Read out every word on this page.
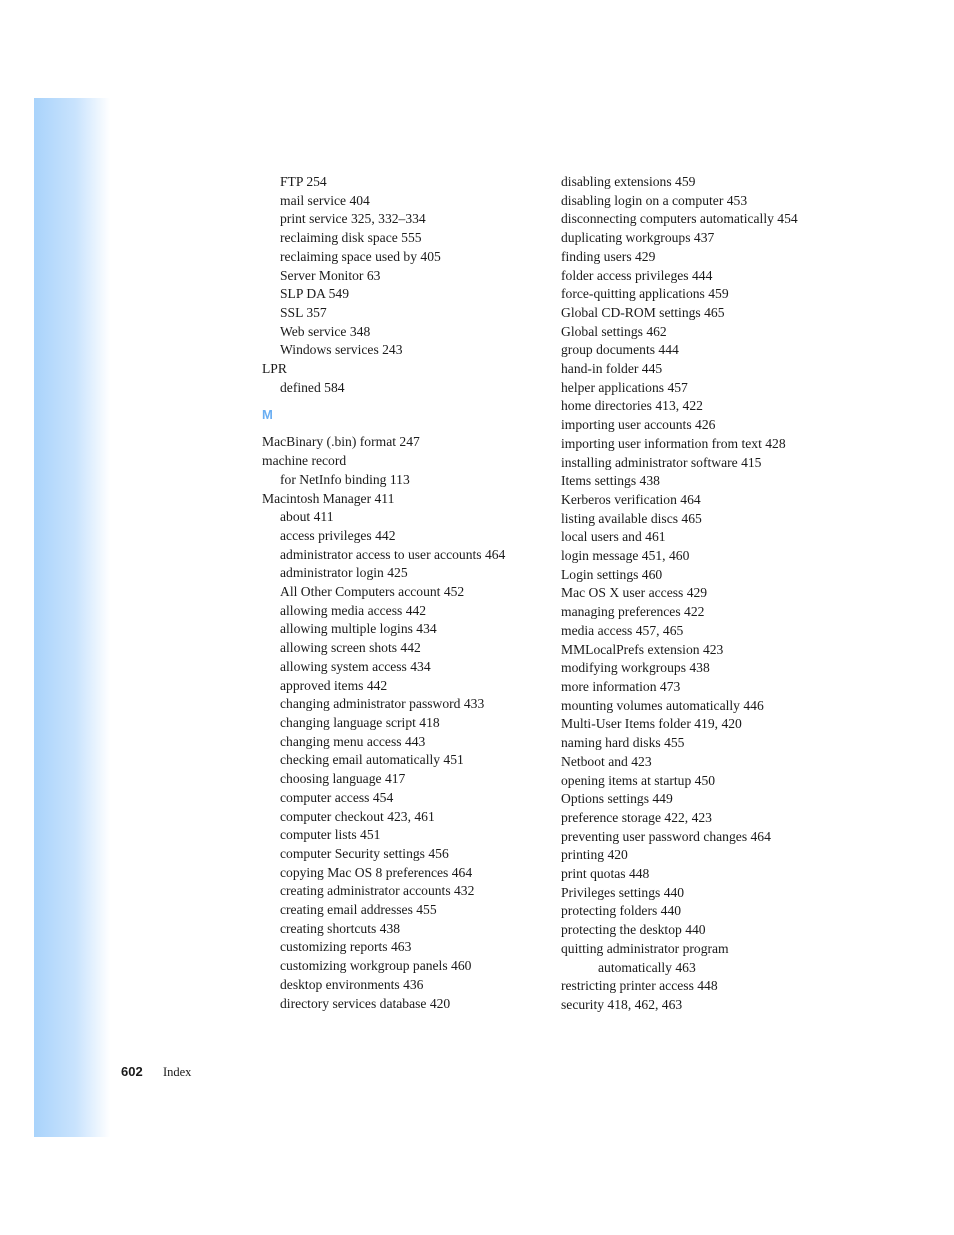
FTP 254
mail service 404
print service 325, 332–334
reclaiming disk space 555
reclaiming space used by 405
Server Monitor 63
SLP DA 549
SSL 357
Web service 348
Windows services 243
LPR
defined 584
M
MacBinary (.bin) format 247
machine record
for NetInfo binding 113
Macintosh Manager 411
about 411
access privileges 442
administrator access to user accounts 464
administrator login 425
All Other Computers account 452
allowing media access 442
allowing multiple logins 434
allowing screen shots 442
allowing system access 434
approved items 442
changing administrator password 433
changing language script 418
changing menu access 443
checking email automatically 451
choosing language 417
computer access 454
computer checkout 423, 461
computer lists 451
computer Security settings 456
copying Mac OS 8 preferences 464
creating administrator accounts 432
creating email addresses 455
creating shortcuts 438
customizing reports 463
customizing workgroup panels 460
desktop environments 436
directory services database 420
disabling extensions 459
disabling login on a computer 453
disconnecting computers automatically 454
duplicating workgroups 437
finding users 429
folder access privileges 444
force-quitting applications 459
Global CD-ROM settings 465
Global settings 462
group documents 444
hand-in folder 445
helper applications 457
home directories 413, 422
importing user accounts 426
importing user information from text 428
installing administrator software 415
Items settings 438
Kerberos verification 464
listing available discs 465
local users and 461
login message 451, 460
Login settings 460
Mac OS X user access 429
managing preferences 422
media access 457, 465
MMLocalPrefs extension 423
modifying workgroups 438
more information 473
mounting volumes automatically 446
Multi-User Items folder 419, 420
naming hard disks 455
Netboot and 423
opening items at startup 450
Options settings 449
preference storage 422, 423
preventing user password changes 464
printing 420
print quotas 448
Privileges settings 440
protecting folders 440
protecting the desktop 440
quitting administrator program
automatically 463
restricting printer access 448
security 418, 462, 463
602 Index
